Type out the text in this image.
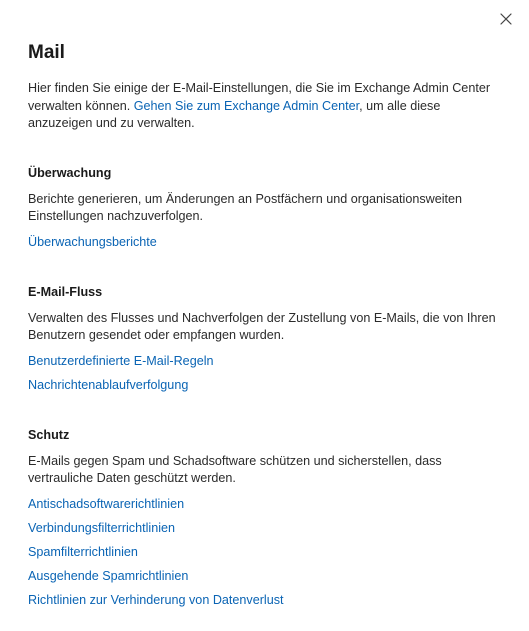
Mail

Hier finden Sie einige der E-Mail-Einstellungen, die Sie im Exchange Admin Center verwalten können. Gehen Sie zum Exchange Admin Center, um alle diese anzuzeigen und zu verwalten.

Überwachung

Berichte generieren, um Änderungen an Postfächern und organisationsweiten Einstellungen nachzuverfolgen.

Überwachungsberichte
E-Mail-Fluss

Verwalten des Flusses und Nachverfolgen der Zustellung von E-Mails, die von Ihren Benutzern gesendet oder empfangen wurden.

Benutzerdefinierte E-Mail-Regeln
Nachrichtenablaufverfolgung
Schutz

E-Mails gegen Spam und Schadsoftware schützen und sicherstellen, dass vertrauliche Daten geschützt werden.

Antischadsoftwarerichtlinien
Verbindungsfilterrichtlinien
Spamfilterrichtlinien
Ausgehende Spamrichtlinien
Richtlinien zur Verhinderung von Datenverlust
